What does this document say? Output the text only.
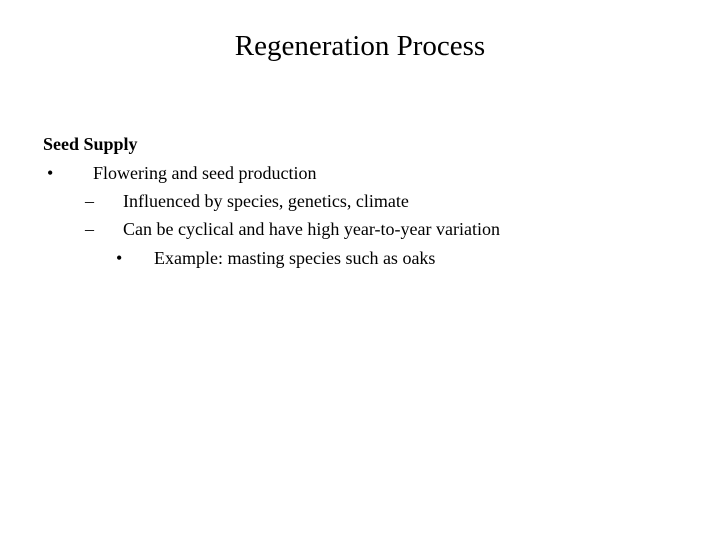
Regeneration Process
Seed Supply
• Flowering and seed production
– Influenced by species, genetics, climate
– Can be cyclical and have high year-to-year variation
• Example: masting species such as oaks
